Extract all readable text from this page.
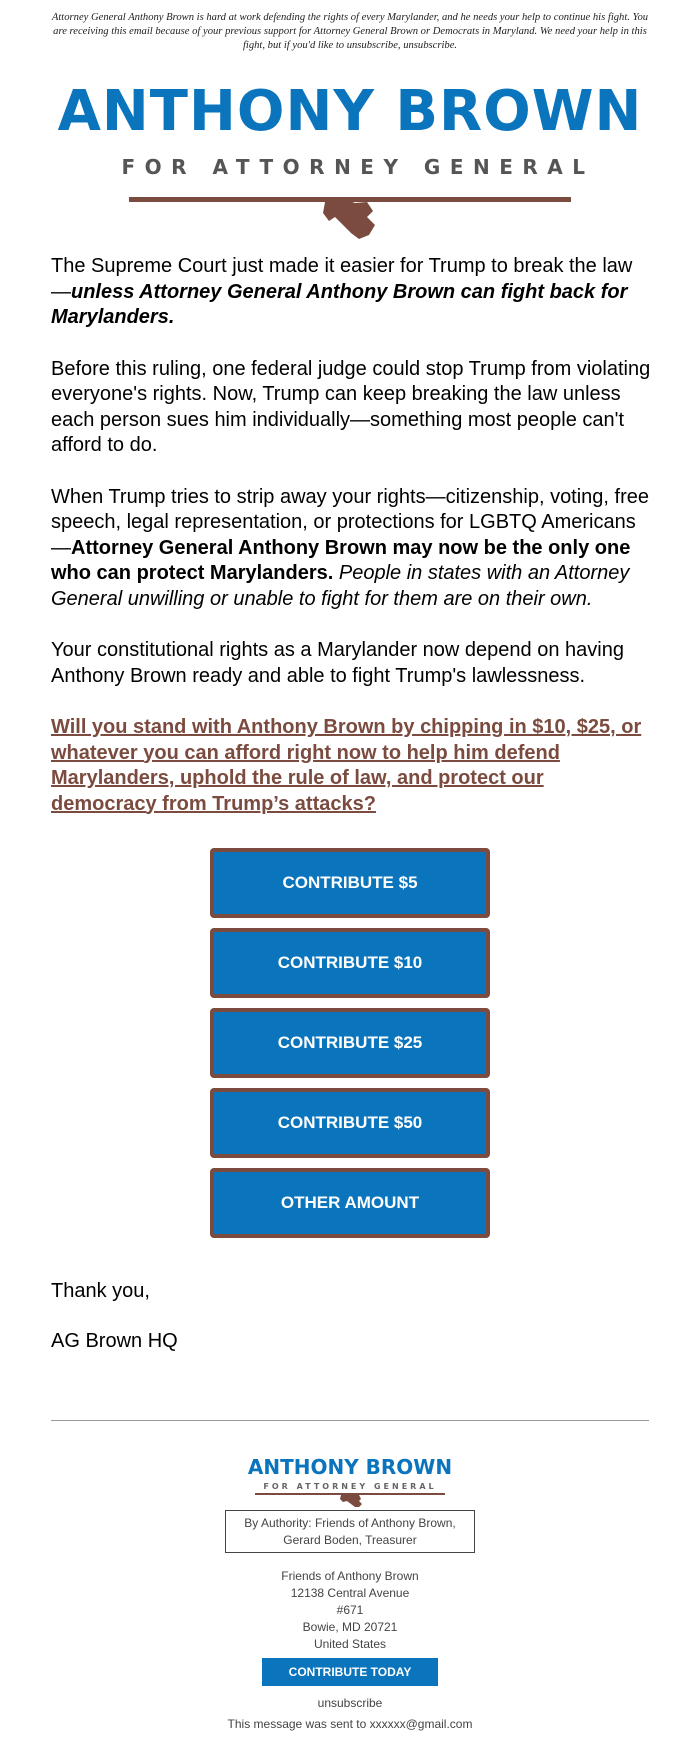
Attorney General Anthony Brown is hard at work defending the rights of every Marylander, and he needs your help to continue his fight. You are receiving this email because of your previous support for Attorney General Brown or Democrats in Maryland. We need your help in this fight, but if you'd like to unsubscribe, unsubscribe.
ANTHONY BROWN
FOR ATTORNEY GENERAL

The Supreme Court just made it easier for Trump to break the law —unless Attorney General Anthony Brown can fight back for Marylanders.

Before this ruling, one federal judge could stop Trump from violating everyone's rights. Now, Trump can keep breaking the law unless each person sues him individually—something most people can't afford to do.

When Trump tries to strip away your rights—citizenship, voting, free speech, legal representation, or protections for LGBTQ Americans —Attorney General Anthony Brown may now be the only one who can protect Marylanders. People in states with an Attorney General unwilling or unable to fight for them are on their own.

Your constitutional rights as a Marylander now depend on having Anthony Brown ready and able to fight Trump's lawlessness.

Will you stand with Anthony Brown by chipping in $10, $25, or whatever you can afford right now to help him defend Marylanders, uphold the rule of law, and protect our democracy from Trump’s attacks?

CONTRIBUTE $5
CONTRIBUTE $10
CONTRIBUTE $25
CONTRIBUTE $50
OTHER AMOUNT
Thank you,
AG Brown HQ
ANTHONY BROWN
FOR ATTORNEY GENERAL
By Authority: Friends of Anthony Brown,
Gerard Boden, Treasurer
Friends of Anthony Brown
12138 Central Avenue
#671
Bowie, MD 20721
United States
CONTRIBUTE TODAY
unsubscribe
This message was sent to xxxxxx@gmail.com
